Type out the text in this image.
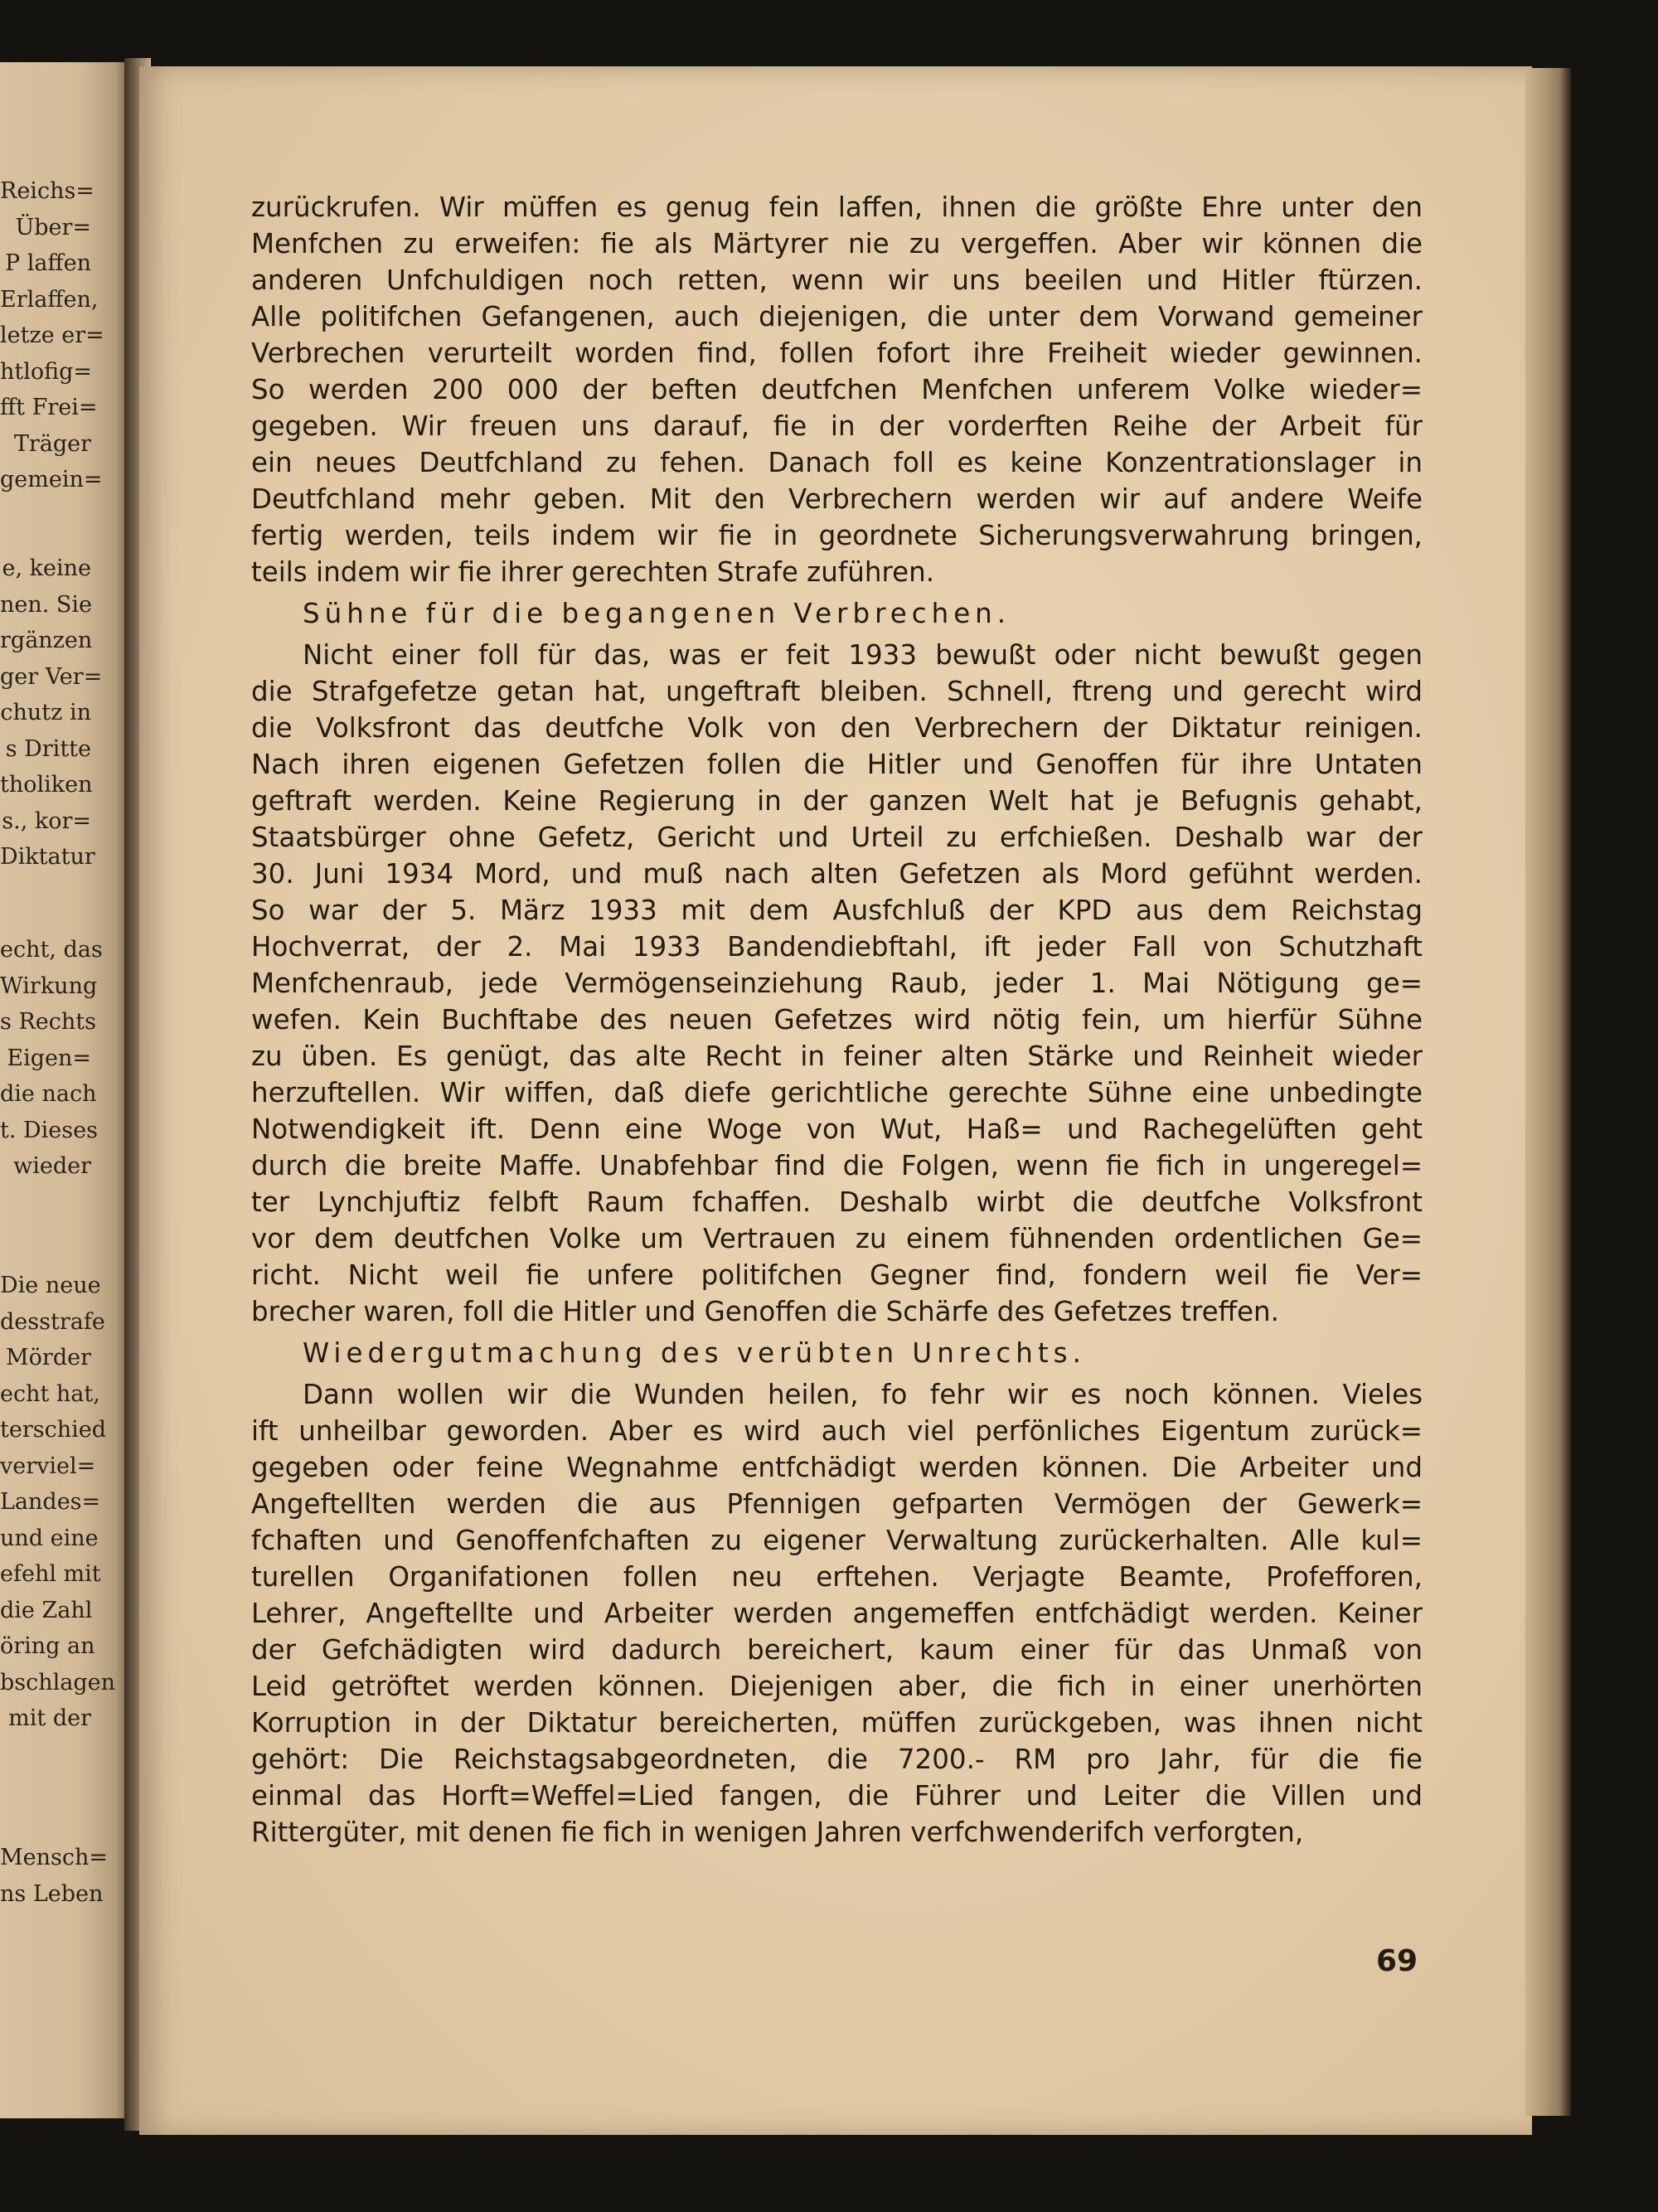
Reichs=
Über=
P laffen
Erlaffen,
letze er=
htlofig=
fft Frei=
Träger
gemein=
e, keine
nen. Sie
rgänzen
ger Ver=
chutz in
s Dritte
tholiken
s., kor=
Diktatur
echt, das
Wirkung
s Rechts
Eigen=
die nach
t. Dieses
wieder
Die neue
desstrafe
Mörder
echt hat,
terschied
verviel=
Landes=
und eine
efehl mit
die Zahl
öring an
bschlagen
mit der
Mensch=
ns Leben
zurückrufen. Wir müffen es genug fein laffen, ihnen die größte Ehre unter den
Menfchen zu erweifen: fie als Märtyrer nie zu vergeffen. Aber wir können die
anderen Unfchuldigen noch retten, wenn wir uns beeilen und Hitler ftürzen.
Alle politifchen Gefangenen, auch diejenigen, die unter dem Vorwand gemeiner
Verbrechen verurteilt worden find, follen fofort ihre Freiheit wieder gewinnen.
So werden 200 000 der beften deutfchen Menfchen unferem Volke wieder=
gegeben. Wir freuen uns darauf, fie in der vorderften Reihe der Arbeit für
ein neues Deutfchland zu fehen. Danach foll es keine Konzentrationslager in
Deutfchland mehr geben. Mit den Verbrechern werden wir auf andere Weife
fertig werden, teils indem wir fie in geordnete Sicherungsverwahrung bringen,
teils indem wir fie ihrer gerechten Strafe zuführen.
Sühne für die begangenen Verbrechen.
Nicht einer foll für das, was er feit 1933 bewußt oder nicht bewußt gegen
die Strafgefetze getan hat, ungeftraft bleiben. Schnell, ftreng und gerecht wird
die Volksfront das deutfche Volk von den Verbrechern der Diktatur reinigen.
Nach ihren eigenen Gefetzen follen die Hitler und Genoffen für ihre Untaten
geftraft werden. Keine Regierung in der ganzen Welt hat je Befugnis gehabt,
Staatsbürger ohne Gefetz, Gericht und Urteil zu erfchießen. Deshalb war der
30. Juni 1934 Mord, und muß nach alten Gefetzen als Mord gefühnt werden.
So war der 5. März 1933 mit dem Ausfchluß der KPD aus dem Reichstag
Hochverrat, der 2. Mai 1933 Bandendiebftahl, ift jeder Fall von Schutzhaft
Menfchenraub, jede Vermögenseinziehung Raub, jeder 1. Mai Nötigung ge=
wefen. Kein Buchftabe des neuen Gefetzes wird nötig fein, um hierfür Sühne
zu üben. Es genügt, das alte Recht in feiner alten Stärke und Reinheit wieder
herzuftellen. Wir wiffen, daß diefe gerichtliche gerechte Sühne eine unbedingte
Notwendigkeit ift. Denn eine Woge von Wut, Haß= und Rachegelüften geht
durch die breite Maffe. Unabfehbar find die Folgen, wenn fie fich in ungeregel=
ter Lynchjuftiz felbft Raum fchaffen. Deshalb wirbt die deutfche Volksfront
vor dem deutfchen Volke um Vertrauen zu einem fühnenden ordentlichen Ge=
richt. Nicht weil fie unfere politifchen Gegner find, fondern weil fie Ver=
brecher waren, foll die Hitler und Genoffen die Schärfe des Gefetzes treffen.
Wiedergutmachung des verübten Unrechts.
Dann wollen wir die Wunden heilen, fo fehr wir es noch können. Vieles
ift unheilbar geworden. Aber es wird auch viel perfönliches Eigentum zurück=
gegeben oder feine Wegnahme entfchädigt werden können. Die Arbeiter und
Angeftellten werden die aus Pfennigen gefparten Vermögen der Gewerk=
fchaften und Genoffenfchaften zu eigener Verwaltung zurückerhalten. Alle kul=
turellen Organifationen follen neu erftehen. Verjagte Beamte, Profefforen,
Lehrer, Angeftellte und Arbeiter werden angemeffen entfchädigt werden. Keiner
der Gefchädigten wird dadurch bereichert, kaum einer für das Unmaß von
Leid getröftet werden können. Diejenigen aber, die fich in einer unerhörten
Korruption in der Diktatur bereicherten, müffen zurückgeben, was ihnen nicht
gehört: Die Reichstagsabgeordneten, die 7200.- RM pro Jahr, für die fie
einmal das Horft=Weffel=Lied fangen, die Führer und Leiter die Villen und
Rittergüter, mit denen fie fich in wenigen Jahren verfchwenderifch verforgten,
69
